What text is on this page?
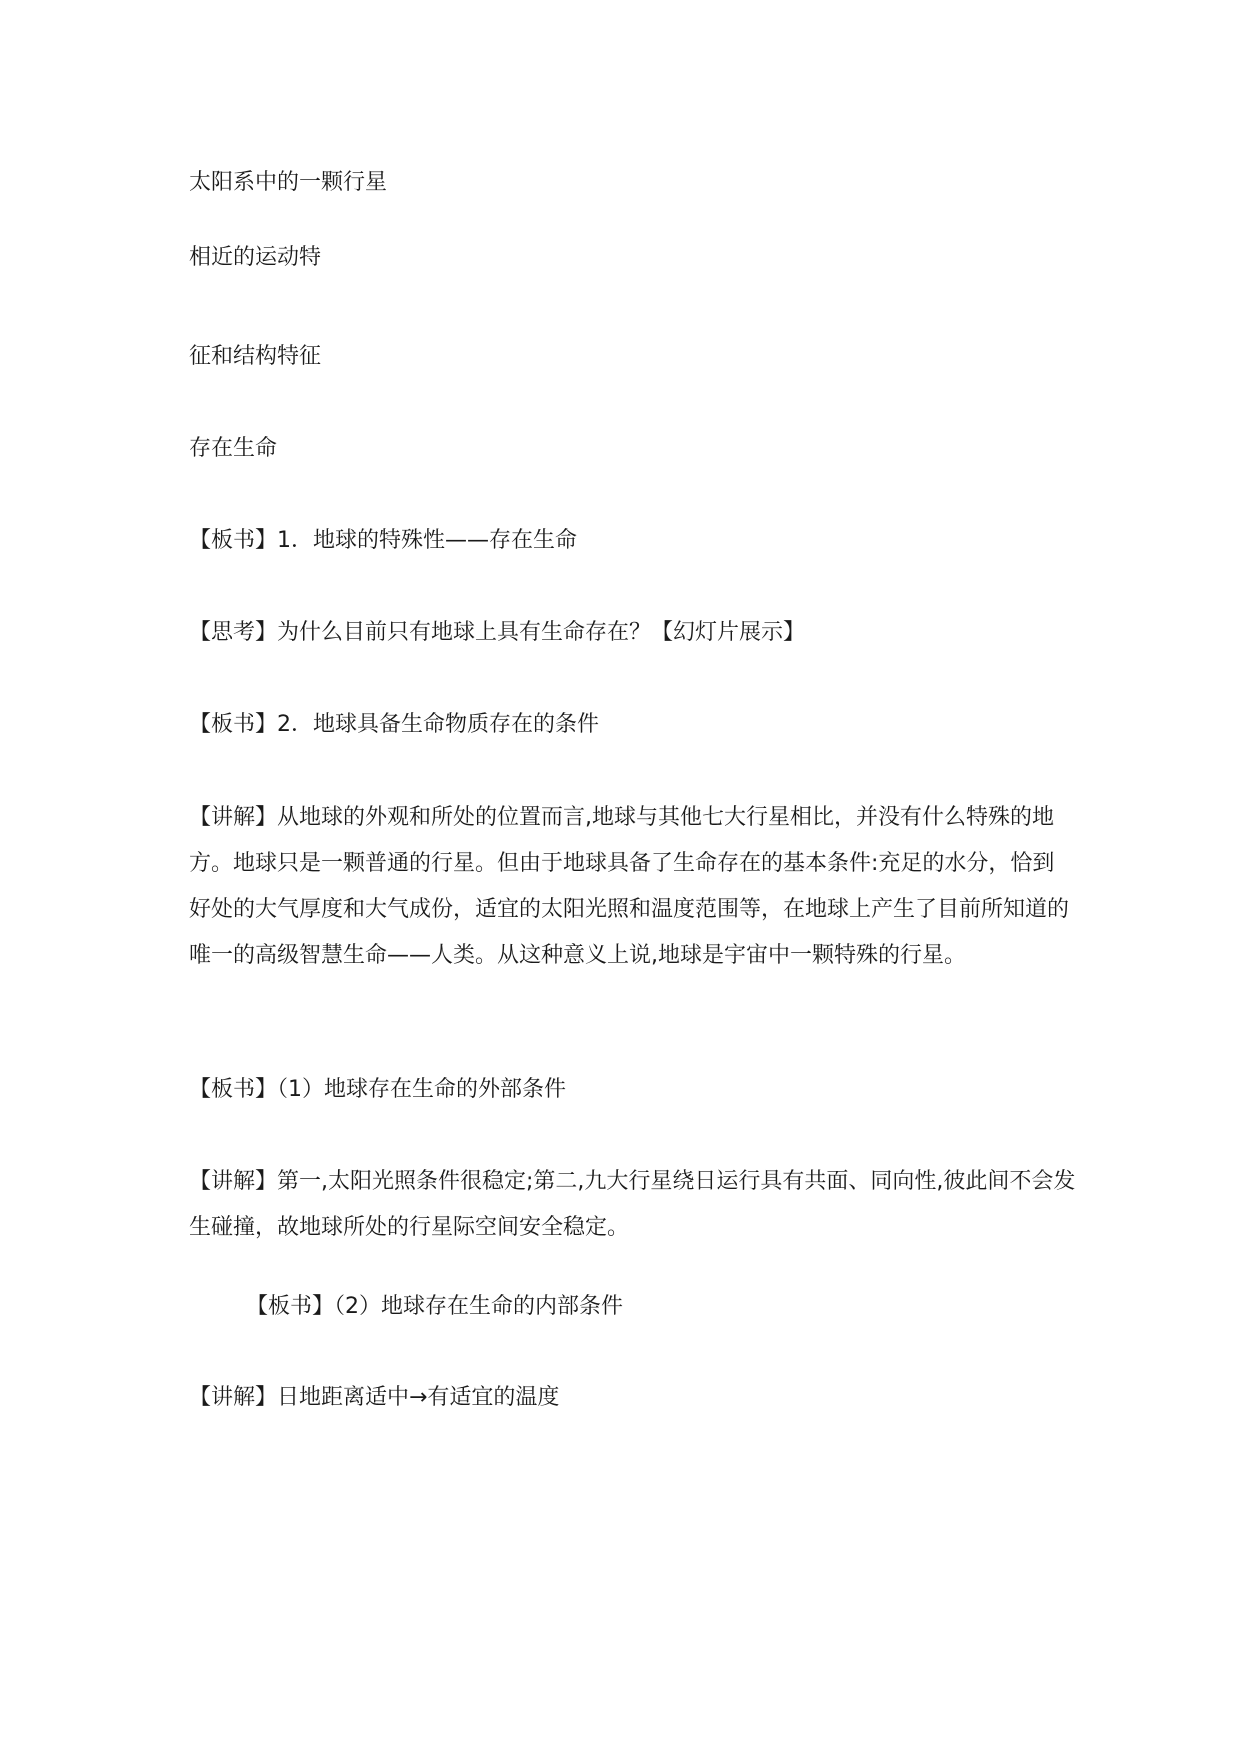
太阳系中的一颗行星

相近的运动特

征和结构特征

存在生命

【板书】1．地球的特殊性——存在生命

【思考】为什么目前只有地球上具有生命存在？【幻灯片展示】

【板书】2．地球具备生命物质存在的条件

【讲解】从地球的外观和所处的位置而言,地球与其他七大行星相比，并没有什么特殊的地
方。地球只是一颗普通的行星。但由于地球具备了生命存在的基本条件:充足的水分，恰到
好处的大气厚度和大气成份，适宜的太阳光照和温度范围等，在地球上产生了目前所知道的
唯一的高级智慧生命——人类。从这种意义上说,地球是宇宙中一颗特殊的行星。

【板书】（1）地球存在生命的外部条件

【讲解】第一,太阳光照条件很稳定;第二,九大行星绕日运行具有共面、同向性,彼此间不会发
生碰撞，故地球所处的行星际空间安全稳定。

【板书】（2）地球存在生命的内部条件

【讲解】日地距离适中→有适宜的温度
